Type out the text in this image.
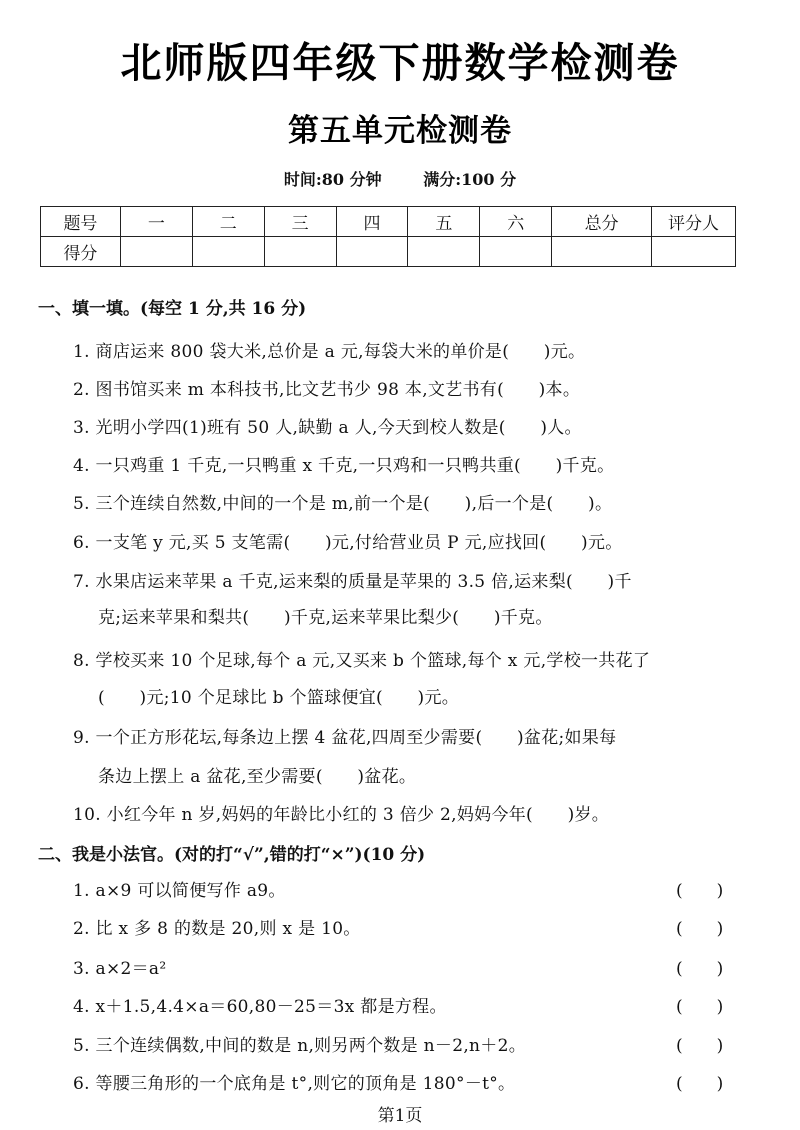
北师版四年级下册数学检测卷
第五单元检测卷
时间:80 分钟	满分:100 分
题号	一	二	三	四	五	六	总分	评分人
得分								
一、填一填。(每空 1 分,共 16 分)
1. 商店运来 800 袋大米,总价是 a 元,每袋大米的单价是(　　)元。
2. 图书馆买来 m 本科技书,比文艺书少 98 本,文艺书有(　　)本。
3. 光明小学四(1)班有 50 人,缺勤 a 人,今天到校人数是(　　)人。
4. 一只鸡重 1 千克,一只鸭重 x 千克,一只鸡和一只鸭共重(　　)千克。
5. 三个连续自然数,中间的一个是 m,前一个是(　　),后一个是(　　)。
6. 一支笔 y 元,买 5 支笔需(　　)元,付给营业员 P 元,应找回(　　)元。
7. 水果店运来苹果 a 千克,运来梨的质量是苹果的 3.5 倍,运来梨(　　)千
克;运来苹果和梨共(　　)千克,运来苹果比梨少(　　)千克。
8. 学校买来 10 个足球,每个 a 元,又买来 b 个篮球,每个 x 元,学校一共花了
(　　)元;10 个足球比 b 个篮球便宜(　　)元。
9. 一个正方形花坛,每条边上摆 4 盆花,四周至少需要(　　)盆花;如果每
条边上摆上 a 盆花,至少需要(　　)盆花。
10. 小红今年 n 岁,妈妈的年龄比小红的 3 倍少 2,妈妈今年(　　)岁。
二、我是小法官。(对的打“√”,错的打“×”)(10 分)
1. a×9 可以简便写作 a9。	(　　)
2. 比 x 多 8 的数是 20,则 x 是 10。	(　　)
3. a×2＝a²	(　　)
4. x＋1.5,4.4×a＝60,80－25＝3x 都是方程。	(　　)
5. 三个连续偶数,中间的数是 n,则另两个数是 n－2,n＋2。	(　　)
6. 等腰三角形的一个底角是 t°,则它的顶角是 180°－t°。	(　　)
第1页
